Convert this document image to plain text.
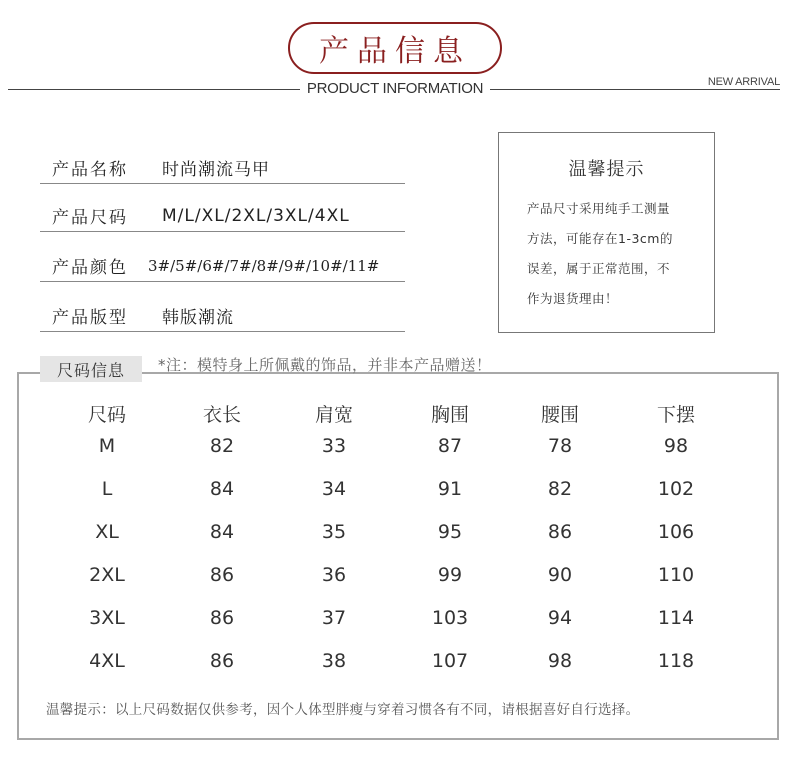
产品信息
PRODUCT INFORMATION	NEW ARRIVAL
产品名称	时尚潮流马甲
产品尺码	M/L/XL/2XL/3XL/4XL
产品颜色	3#/5#/6#/7#/8#/9#/10#/11#
产品版型	韩版潮流
温馨提示
产品尺寸采用纯手工测量
方法，可能存在1-3cm的
误差，属于正常范围，不
作为退货理由！
尺码信息	*注：模特身上所佩戴的饰品，并非本产品赠送！
尺码	衣长	肩宽	胸围	腰围	下摆
M	82	33	87	78	98
L	84	34	91	82	102
XL	84	35	95	86	106
2XL	86	36	99	90	110
3XL	86	37	103	94	114
4XL	86	38	107	98	118
温馨提示：以上尺码数据仅供参考，因个人体型胖瘦与穿着习惯各有不同，请根据喜好自行选择。
